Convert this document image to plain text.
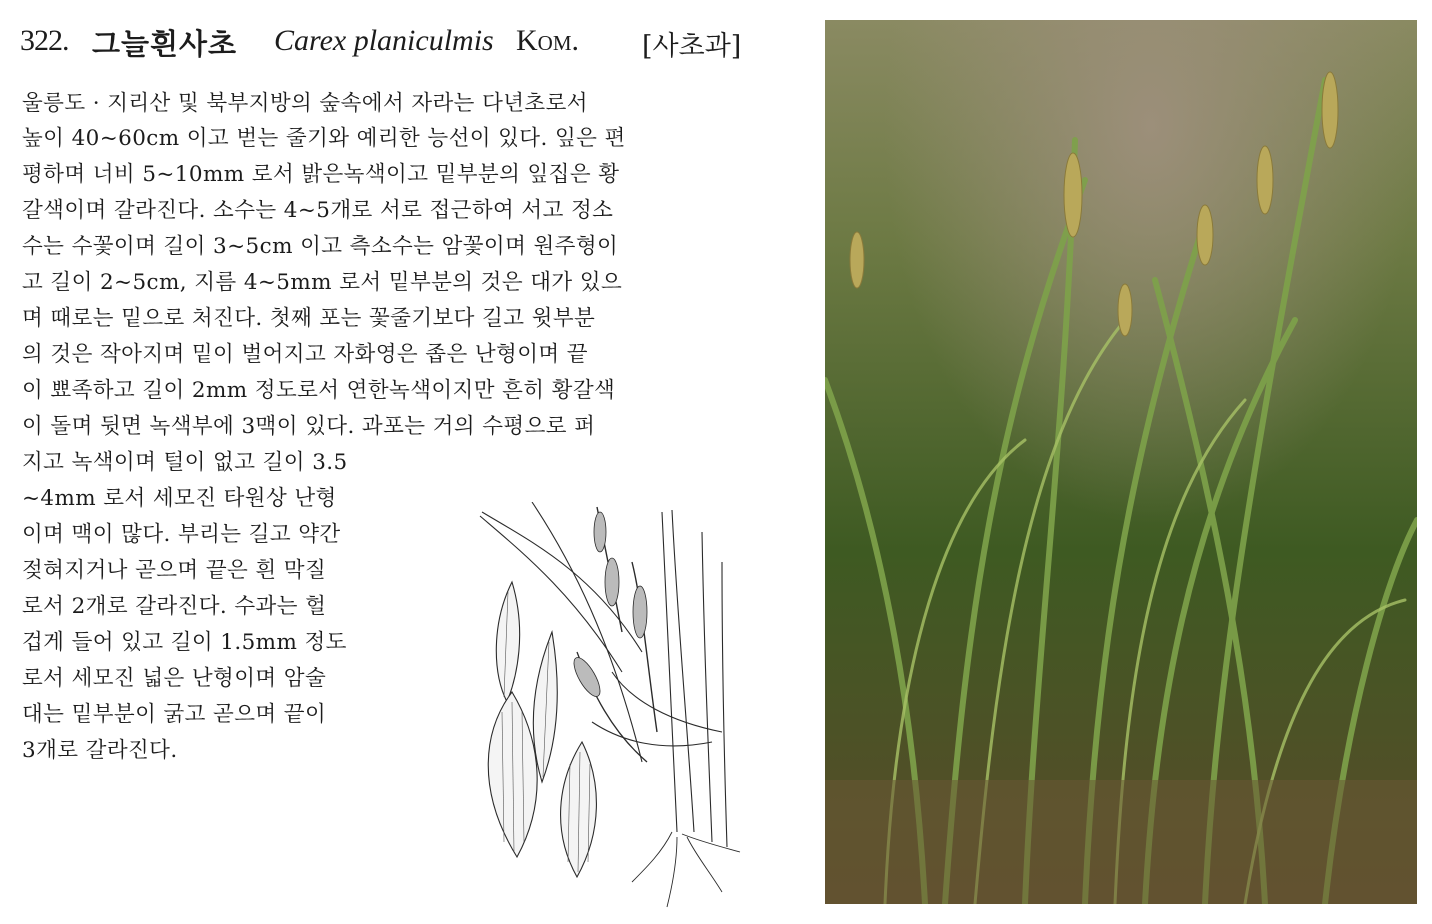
322. 그늘흰사초 Carex planiculmis Kom. [사초과]
울릉도 · 지리산 및 북부지방의 숲속에서 자라는 다년초로서
높이 40~60cm 이고 벋는 줄기와 예리한 능선이 있다. 잎은 편
평하며 너비 5~10mm 로서 밝은녹색이고 밑부분의 잎집은 황
갈색이며 갈라진다. 소수는 4~5개로 서로 접근하여 서고 정소
수는 수꽃이며 길이 3~5cm 이고 측소수는 암꽃이며 원주형이
고 길이 2~5cm, 지름 4~5mm 로서 밑부분의 것은 대가 있으
며 때로는 밑으로 처진다. 첫째 포는 꽃줄기보다 길고 윗부분
의 것은 작아지며 밑이 벌어지고 자화영은 좁은 난형이며 끝
이 뾰족하고 길이 2mm 정도로서 연한녹색이지만 흔히 황갈색
이 돌며 뒷면 녹색부에 3맥이 있다. 과포는 거의 수평으로 퍼
지고 녹색이며 털이 없고 길이 3.5
~4mm 로서 세모진 타원상 난형
이며 맥이 많다. 부리는 길고 약간
젖혀지거나 곧으며 끝은 흰 막질
로서 2개로 갈라진다. 수과는 헐
겁게 들어 있고 길이 1.5mm 정도
로서 세모진 넓은 난형이며 암술
대는 밑부분이 굵고 곧으며 끝이
3개로 갈라진다.
